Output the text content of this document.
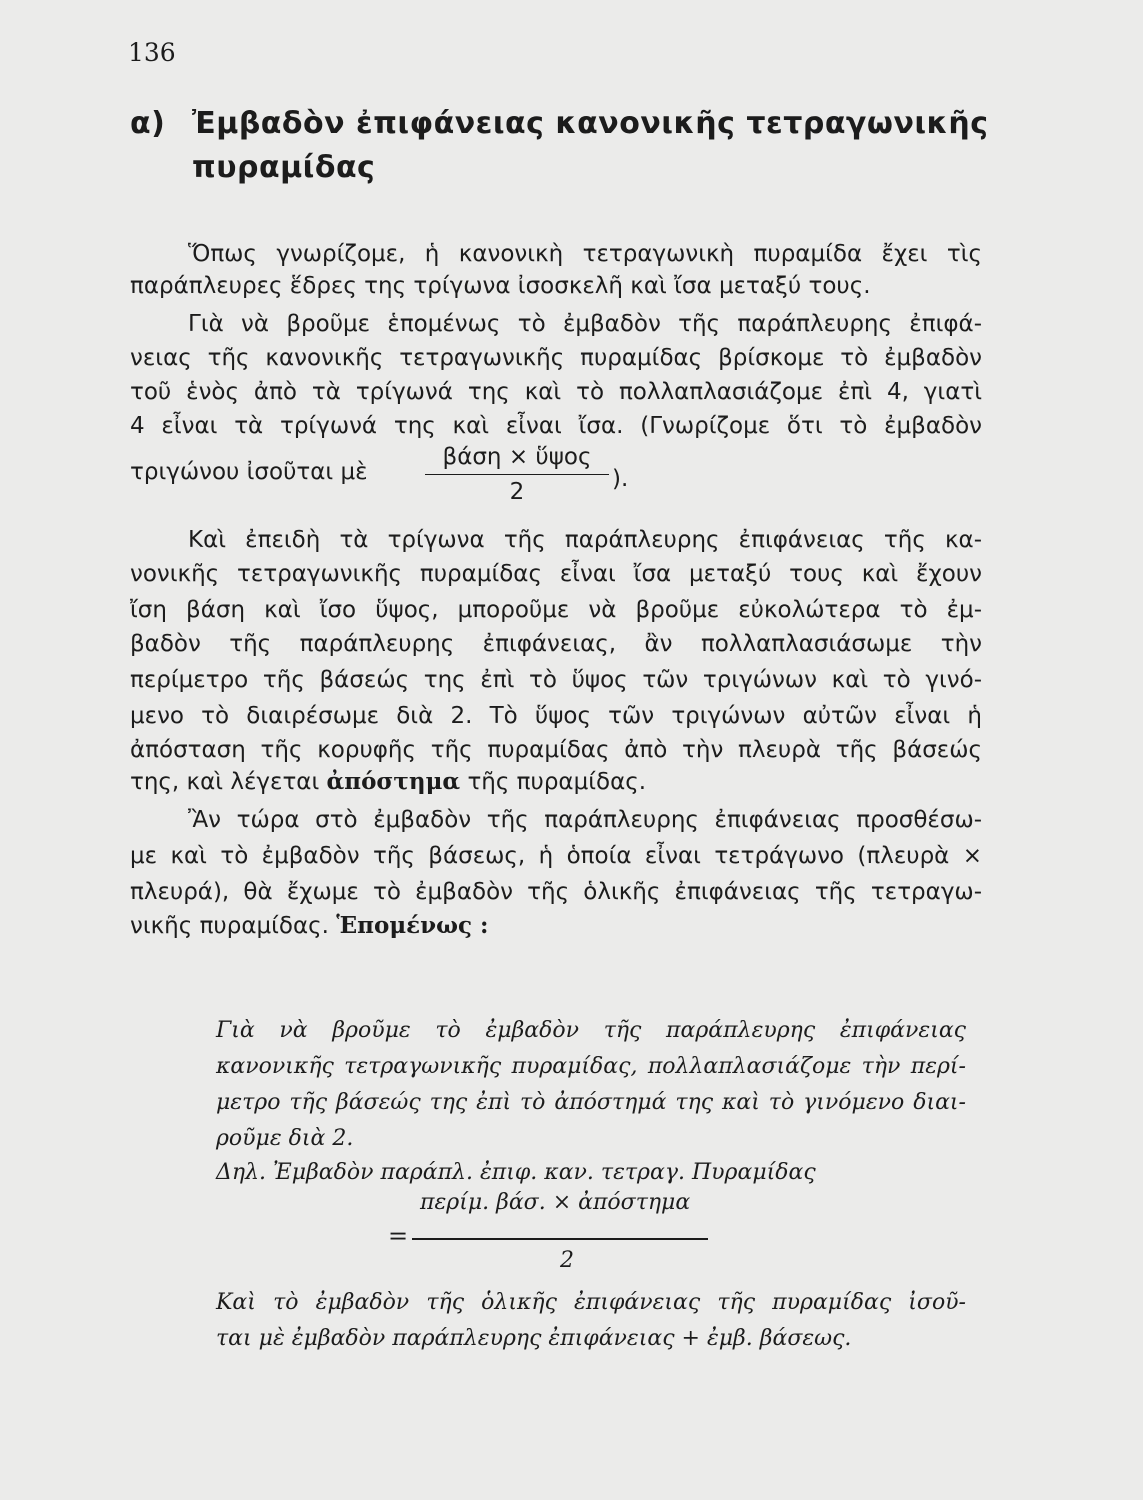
136
α) Ἐμβαδὸν ἐπιφάνειας κανονικῆς τετραγωνικῆς
πυραμίδας
Ὅπως γνωρίζομε, ἡ κανονικὴ τετραγωνικὴ πυραμίδα ἔχει τὶς
παράπλευρες ἕδρες της τρίγωνα ἰσοσκελῆ καὶ ἴσα μεταξύ τους.
Γιὰ νὰ βροῦμε ἑπομένως τὸ ἐμβαδὸν τῆς παράπλευρης ἐπιφά-
νειας τῆς κανονικῆς τετραγωνικῆς πυραμίδας βρίσκομε τὸ ἐμβαδὸν
τοῦ ἑνὸς ἀπὸ τὰ τρίγωνά της καὶ τὸ πολλαπλασιάζομε ἐπὶ 4, γιατὶ
4 εἶναι τὰ τρίγωνά της καὶ εἶναι ἴσα. (Γνωρίζομε ὅτι τὸ ἐμβαδὸν
τριγώνου ἰσοῦται μὲ
βάση × ὕψος
2	).
Καὶ ἐπειδὴ τὰ τρίγωνα τῆς παράπλευρης ἐπιφάνειας τῆς κα-
νονικῆς τετραγωνικῆς πυραμίδας εἶναι ἴσα μεταξύ τους καὶ ἔχουν
ἴση βάση καὶ ἴσο ὕψος, μποροῦμε νὰ βροῦμε εὐκολώτερα τὸ ἐμ-
βαδὸν τῆς παράπλευρης ἐπιφάνειας, ἂν πολλαπλασιάσωμε τὴν
περίμετρο τῆς βάσεώς της ἐπὶ τὸ ὕψος τῶν τριγώνων καὶ τὸ γινό-
μενο τὸ διαιρέσωμε διὰ 2. Τὸ ὕψος τῶν τριγώνων αὐτῶν εἶναι ἡ
ἀπόσταση τῆς κορυφῆς τῆς πυραμίδας ἀπὸ τὴν πλευρὰ τῆς βάσεώς
της, καὶ λέγεται ἀπόστημα τῆς πυραμίδας.
Ἂν τώρα στὸ ἐμβαδὸν τῆς παράπλευρης ἐπιφάνειας προσθέσω-
με καὶ τὸ ἐμβαδὸν τῆς βάσεως, ἡ ὁποία εἶναι τετράγωνο (πλευρὰ ×
πλευρά), θὰ ἔχωμε τὸ ἐμβαδὸν τῆς ὁλικῆς ἐπιφάνειας τῆς τετραγω-
νικῆς πυραμίδας. Ἑπομένως :
Γιὰ νὰ βροῦμε τὸ ἐμβαδὸν τῆς παράπλευρης ἐπιφάνειας
κανονικῆς τετραγωνικῆς πυραμίδας, πολλαπλασιάζομε τὴν περί-
μετρο τῆς βάσεώς της ἐπὶ τὸ ἀπόστημά της καὶ τὸ γινόμενο διαι-
ροῦμε διὰ 2.
Δηλ. Ἐμβαδὸν παράπλ. ἐπιφ. καν. τετραγ. Πυραμίδας
περίμ. βάσ. × ἀπόστημα
=
2
Καὶ τὸ ἐμβαδὸν τῆς ὁλικῆς ἐπιφάνειας τῆς πυραμίδας ἰσοῦ-
ται μὲ ἐμβαδὸν παράπλευρης ἐπιφάνειας + ἐμβ. βάσεως.
